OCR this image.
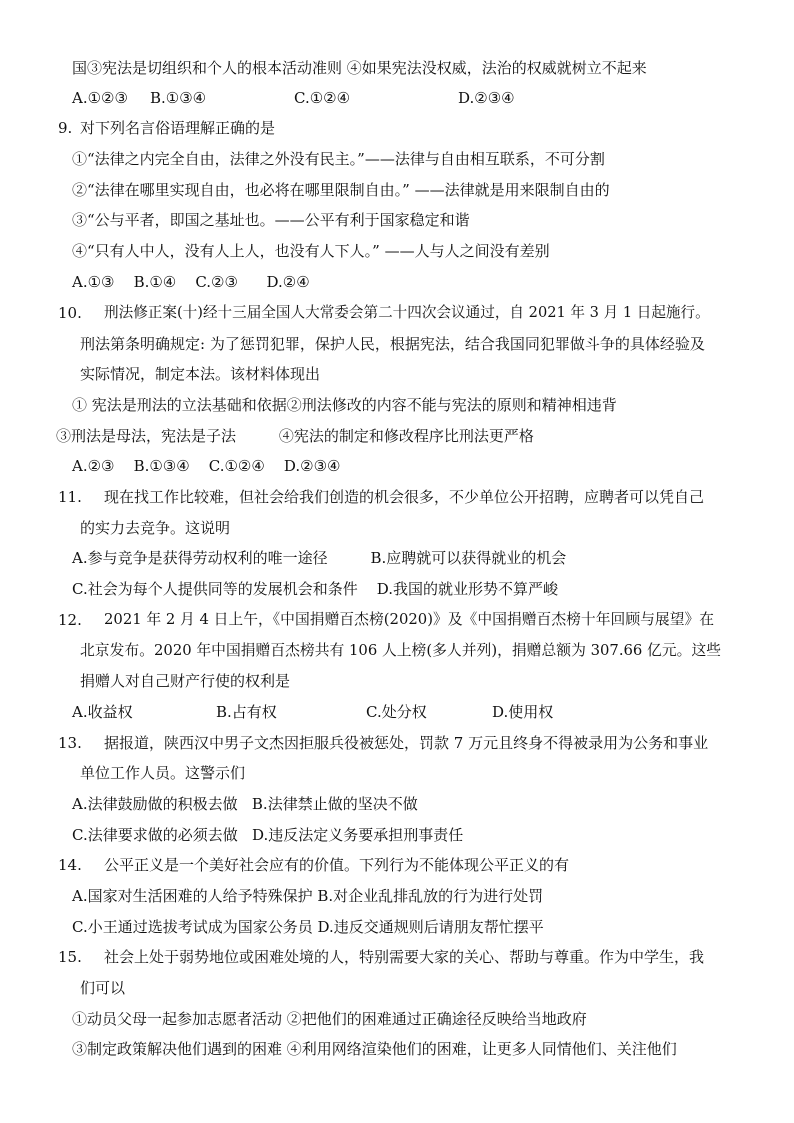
国③宪法是切组织和个人的根本活动准则 ④如果宪法没权威，法治的权威就树立不起来
A.①②③ B.①③④	C.①②④	D.②③④
9. 对下列名言俗语理解正确的是
①“法律之内完全自由，法律之外没有民主。”——法律与自由相互联系，不可分割
②“法律在哪里实现自由，也必将在哪里限制自由。” ——法律就是用来限制自由的
③“公与平者，即国之基址也。——公平有利于国家稳定和谐
④“只有人中人，没有人上人，也没有人下人。” ——人与人之间没有差别
A.①③    B.①④    C.②③      D.②④
10. 刑法修正案(十)经十三届全国人大常委会第二十四次会议通过，自 2021 年 3 月 1 日起施行。
刑法第条明确规定: 为了惩罚犯罪，保护人民，根据宪法，结合我国同犯罪做斗争的具体经验及
实际情况，制定本法。该材料体现出
① 宪法是刑法的立法基础和依据②刑法修改的内容不能与宪法的原则和精神相违背
③刑法是母法，宪法是子法         ④宪法的制定和修改程序比刑法更严格
A.②③    B.①③④    C.①②④    D.②③④
11. 现在找工作比较难，但社会给我们创造的机会很多，不少单位公开招聘，应聘者可以凭自己
的实力去竞争。这说明
A.参与竞争是获得劳动权利的唯一途径         B.应聘就可以获得就业的机会
C.社会为每个人提供同等的发展机会和条件    D.我国的就业形势不算严峻
12. 2021 年 2 月 4 日上午，《中国捐赠百杰榜(2020)》及《中国捐赠百杰榜十年回顾与展望》在
北京发布。2020 年中国捐赠百杰榜共有 106 人上榜(多人并列)，捐赠总额为 307.66 亿元。这些
捐赠人对自己财产行使的权利是
A.收益权	B.占有权	C.处分权	D.使用权
13. 据报道，陕西汉中男子文杰因拒服兵役被惩处，罚款 7 万元且终身不得被录用为公务和事业
单位工作人员。这警示们
A.法律鼓励做的积极去做   B.法律禁止做的坚决不做
C.法律要求做的必须去做   D.违反法定义务要承担刑事责任
14. 公平正义是一个美好社会应有的价值。下列行为不能体现公平正义的有
A.国家对生活困难的人给予特殊保护 B.对企业乱排乱放的行为进行处罚
C.小王通过选拔考试成为国家公务员 D.违反交通规则后请朋友帮忙摆平
15. 社会上处于弱势地位或困难处境的人，特别需要大家的关心、帮助与尊重。作为中学生，我
们可以
①动员父母一起参加志愿者活动 ②把他们的困难通过正确途径反映给当地政府
③制定政策解决他们遇到的困难 ④利用网络渲染他们的困难，让更多人同情他们、关注他们
